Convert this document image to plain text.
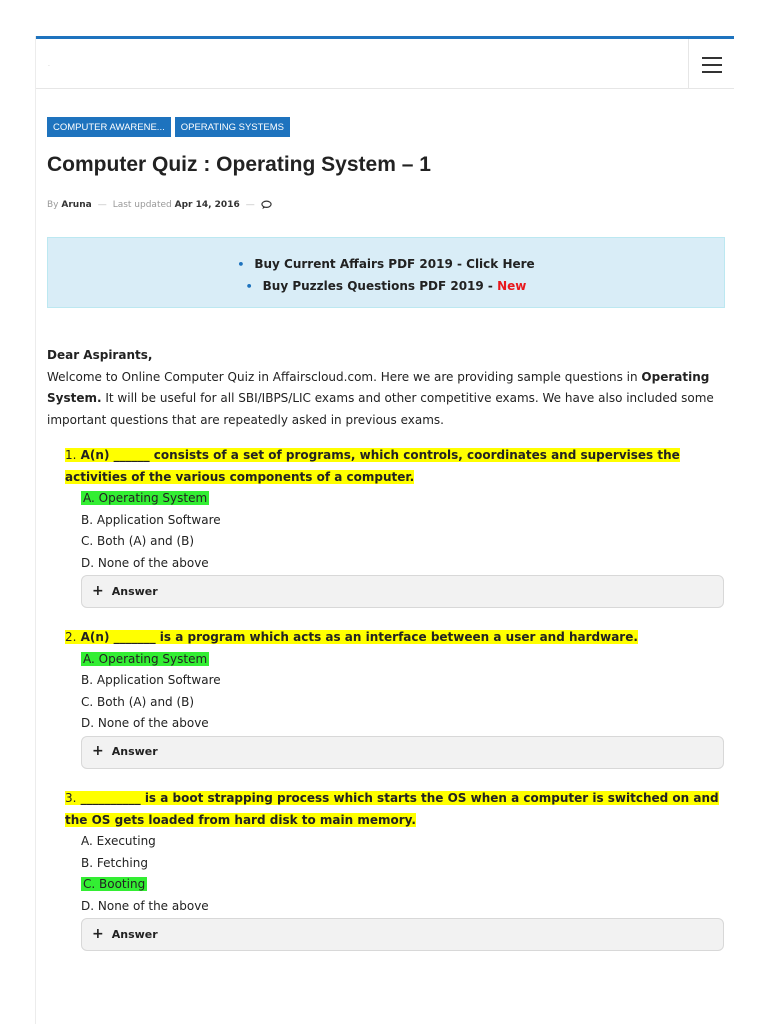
·
COMPUTER AWARENE...	OPERATING SYSTEMS
Computer Quiz : Operating System – 1
By Aruna — Last updated Apr 14, 2016 —
• Buy Current Affairs PDF 2019 - Click Here
• Buy Puzzles Questions PDF 2019 - New
Dear Aspirants,
Welcome to Online Computer Quiz in Affairscloud.com. Here we are providing sample questions in Operating System. It will be useful for all SBI/IBPS/LIC exams and other competitive exams. We have also included some important questions that are repeatedly asked in previous exams.
1. A(n) ______ consists of a set of programs, which controls, coordinates and supervises the activities of the various components of a computer.
A. Operating System
B. Application Software
C. Both (A) and (B)
D. None of the above
+ Answer
2. A(n) _______ is a program which acts as an interface between a user and hardware.
A. Operating System
B. Application Software
C. Both (A) and (B)
D. None of the above
+ Answer
3. __________ is a boot strapping process which starts the OS when a computer is switched on and the OS gets loaded from hard disk to main memory.
A. Executing
B. Fetching
C. Booting
D. None of the above
+ Answer
